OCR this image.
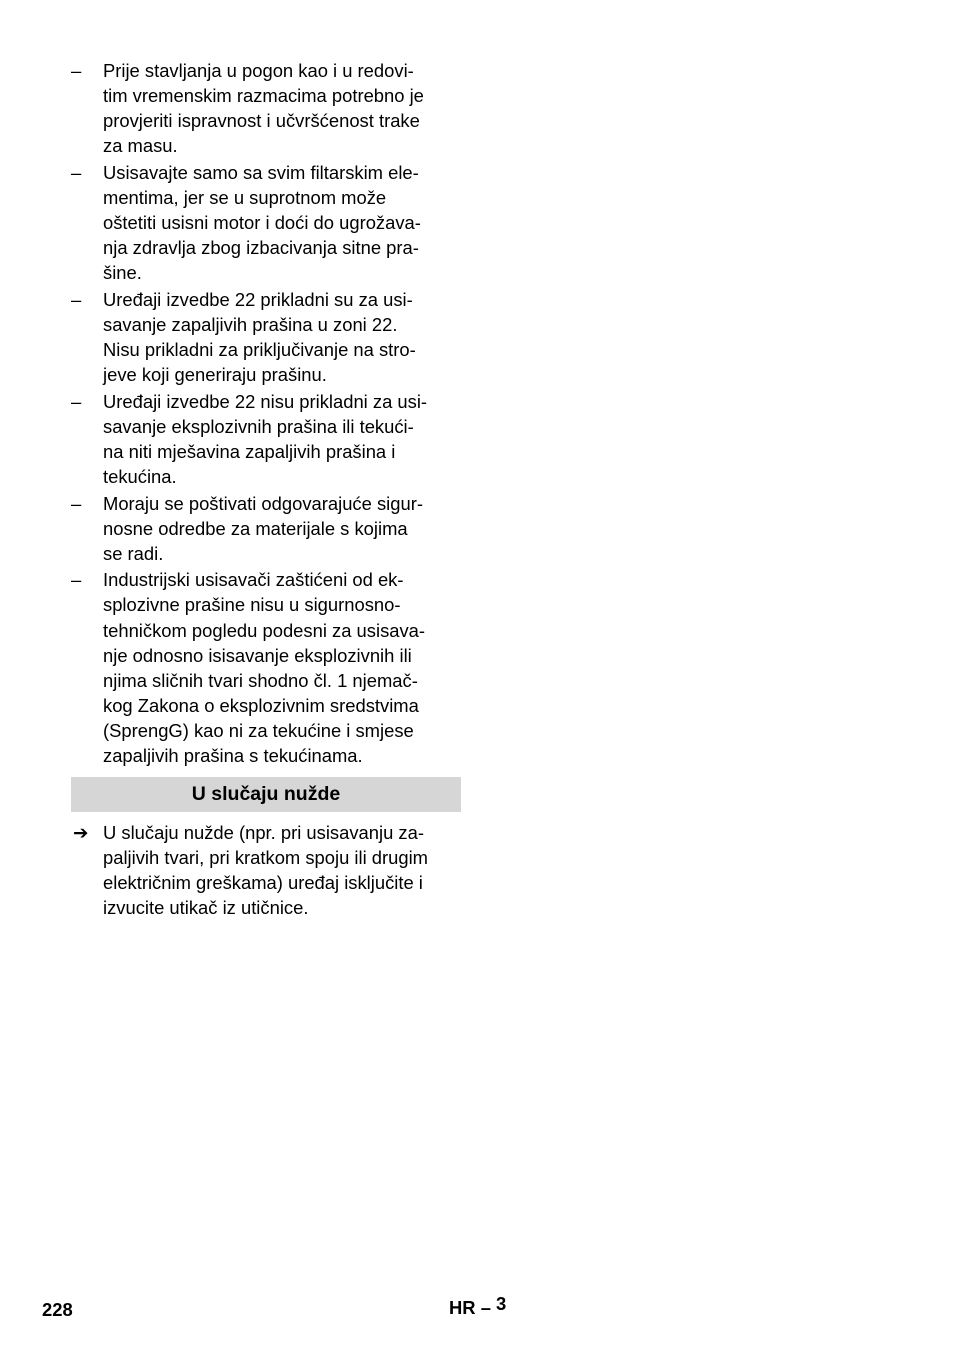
–	Prije stavljanja u pogon kao i u redovi-
tim vremenskim razmacima potrebno je
provjeriti ispravnost i učvršćenost trake
za masu.
–	Usisavajte samo sa svim filtarskim ele-
mentima, jer se u suprotnom može
oštetiti usisni motor i doći do ugrožava-
nja zdravlja zbog izbacivanja sitne pra-
šine.
–	Uređaji izvedbe 22 prikladni su za usi-
savanje zapaljivih prašina u zoni 22.
Nisu prikladni za priključivanje na stro-
jeve koji generiraju prašinu.
–	Uređaji izvedbe 22 nisu prikladni za usi-
savanje eksplozivnih prašina ili tekući-
na niti mješavina zapaljivih prašina i
tekućina.
–	Moraju se poštivati odgovarajuće sigur-
nosne odredbe za materijale s kojima
se radi.
–	Industrijski usisavači zaštićeni od ek-
splozivne prašine nisu u sigurnosno-
tehničkom pogledu podesni za usisava-
nje odnosno isisavanje eksplozivnih ili
njima sličnih tvari shodno čl. 1 njemač-
kog Zakona o eksplozivnim sredstvima
(SprengG) kao ni za tekućine i smjese
zapaljivih prašina s tekućinama.
U slučaju nužde
➔ U slučaju nužde (npr. pri usisavanju za-
paljivih tvari, pri kratkom spoju ili drugim
električnim greškama) uređaj isključite i
izvucite utikač iz utičnice.
228	HR – 3
